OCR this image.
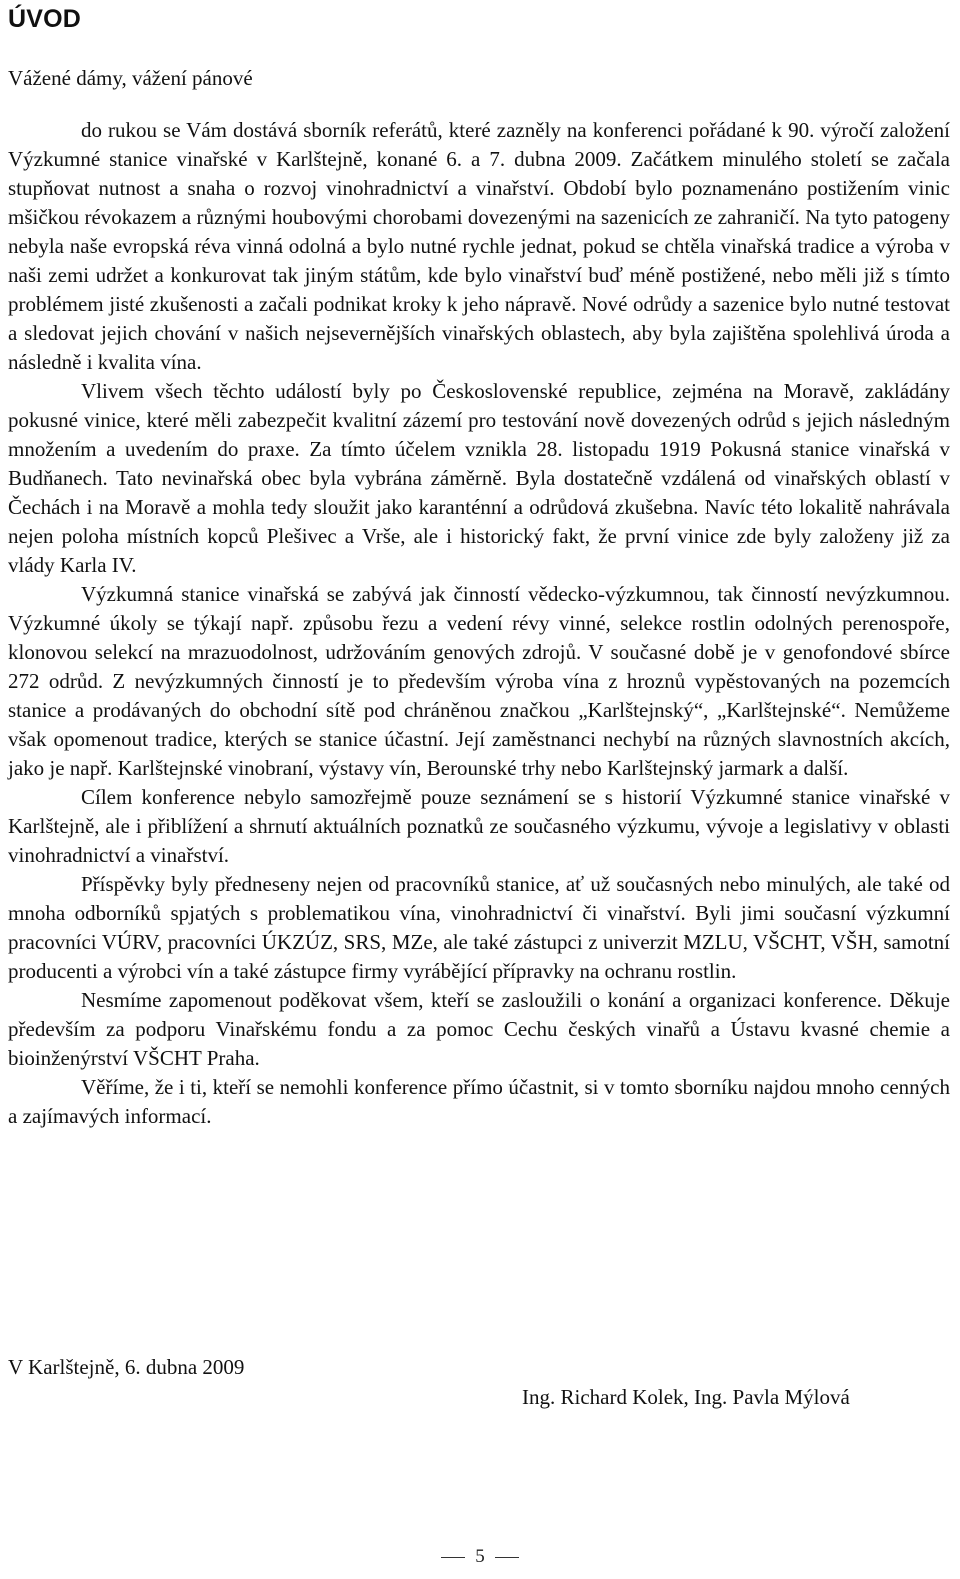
ÚVOD

Vážené dámy, vážení pánové

do rukou se Vám dostává sborník referátů, které zazněly na konferenci pořádané k 90. výročí založení Výzkumné stanice vinařské v Karlštejně, konané 6. a 7. dubna 2009. Začátkem minulého století se začala stupňovat nutnost a snaha o rozvoj vinohradnictví a vinařství. Období bylo poznamenáno postižením vinic mšičkou révokazem a různými houbovými chorobami dovezenými na sazenicích ze zahraničí. Na tyto patogeny nebyla naše evropská réva vinná odolná a bylo nutné rychle jednat, pokud se chtěla vinařská tradice a výroba v naši zemi udržet a konkurovat tak jiným státům, kde bylo vinařství buď méně postižené, nebo měli již s tímto problémem jisté zkušenosti a začali podnikat kroky k jeho nápravě. Nové odrůdy a sazenice bylo nutné testovat a sledovat jejich chování v našich nejsevernějších vinařských oblastech, aby byla zajištěna spolehlivá úroda a následně i kvalita vína.

Vlivem všech těchto událostí byly po Československé republice, zejména na Moravě, zakládány pokusné vinice, které měli zabezpečit kvalitní zázemí pro testování nově dovezených odrůd s jejich následným množením a uvedením do praxe. Za tímto účelem vznikla 28. listopadu 1919 Pokusná stanice vinařská v Budňanech. Tato nevinařská obec byla vybrána záměrně. Byla dostatečně vzdálená od vinařských oblastí v Čechách i na Moravě a mohla tedy sloužit jako karanténní a odrůdová zkušebna. Navíc této lokalitě nahrávala nejen poloha místních kopců Plešivec a Vrše, ale i historický fakt, že první vinice zde byly založeny již za vlády Karla IV.

Výzkumná stanice vinařská se zabývá jak činností vědecko-výzkumnou, tak činností nevýzkumnou. Výzkumné úkoly se týkají např. způsobu řezu a vedení révy vinné, selekce rostlin odolných perenospoře, klonovou selekcí na mrazuodolnost, udržováním genových zdrojů. V současné době je v genofondové sbírce 272 odrůd. Z nevýzkumných činností je to především výroba vína z hroznů vypěstovaných na pozemcích stanice a prodávaných do obchodní sítě pod chráněnou značkou „Karlštejnský“, „Karlštejnské“. Nemůžeme však opomenout tradice, kterých se stanice účastní. Její zaměstnanci nechybí na různých slavnostních akcích, jako je např. Karlštejnské vinobraní, výstavy vín, Berounské trhy nebo Karlštejnský jarmark a další.

Cílem konference nebylo samozřejmě pouze seznámení se s historií Výzkumné stanice vinařské v Karlštejně, ale i přiblížení a shrnutí aktuálních poznatků ze současného výzkumu, vývoje a legislativy v oblasti vinohradnictví a vinařství.

Příspěvky byly předneseny nejen od pracovníků stanice, ať už současných nebo minulých, ale také od mnoha odborníků spjatých s problematikou vína, vinohradnictví či vinařství. Byli jimi současní výzkumní pracovníci VÚRV, pracovníci ÚKZÚZ, SRS, MZe, ale také zástupci z univerzit MZLU, VŠCHT, VŠH, samotní producenti a výrobci vín a také zástupce firmy vyrábějící přípravky na ochranu rostlin.

Nesmíme zapomenout poděkovat všem, kteří se zasloužili o konání a organizaci konference. Děkuje především za podporu Vinařskému fondu a za pomoc Cechu českých vinařů a Ústavu kvasné chemie a bioinženýrství VŠCHT Praha.

Věříme, že i ti, kteří se nemohli konference přímo účastnit, si v tomto sborníku najdou mnoho cenných a zajímavých informací.

V Karlštejně, 6. dubna 2009

Ing. Richard Kolek, Ing. Pavla Mýlová

5
